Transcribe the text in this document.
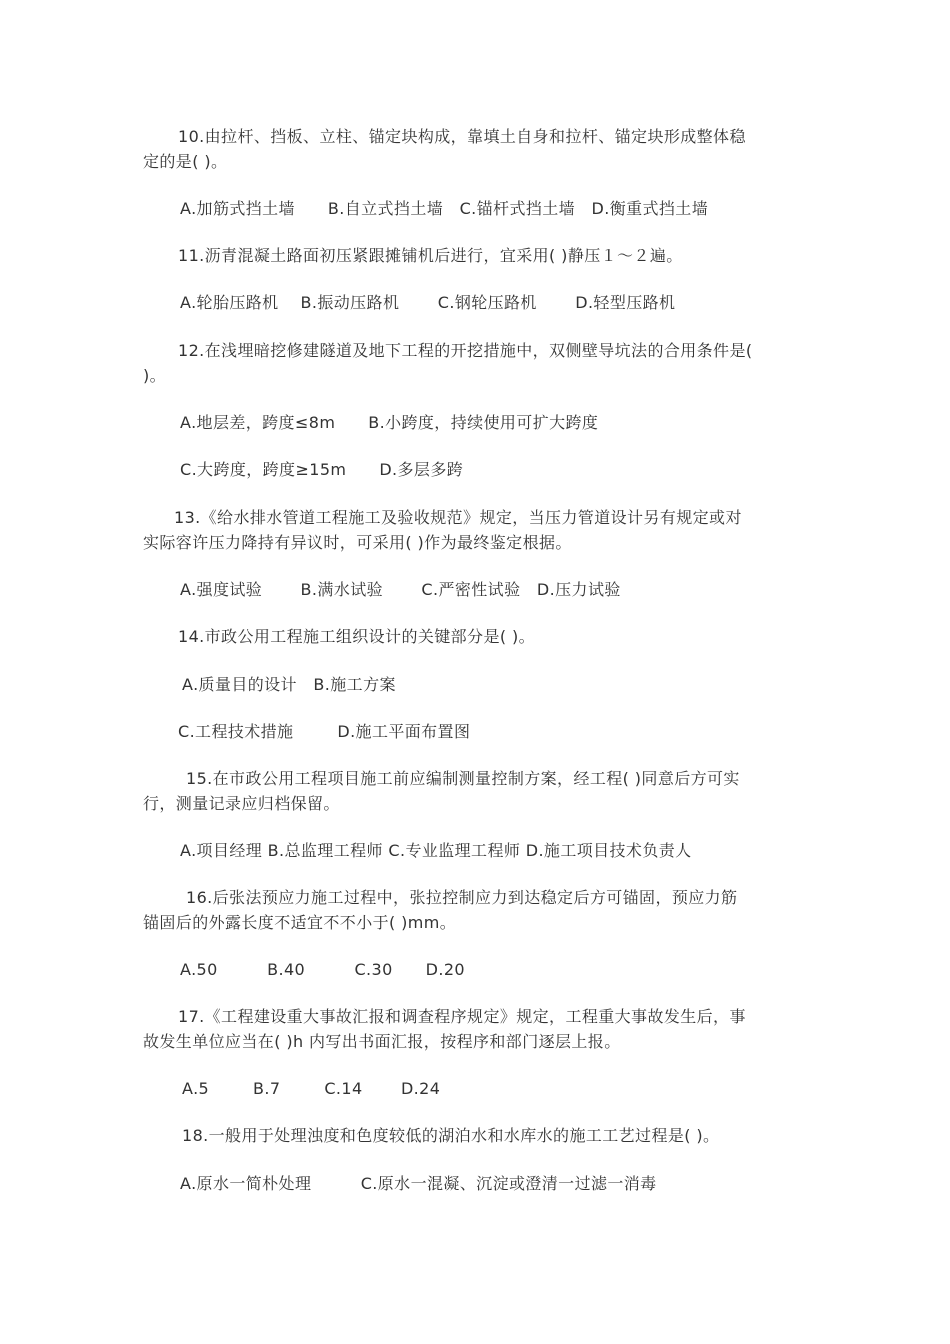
10.由拉杆、挡板、立柱、锚定块构成，靠填土自身和拉杆、锚定块形成整体稳
定的是( )。
A.加筋式挡土墙      B.自立式挡土墙   C.锚杆式挡土墙   D.衡重式挡土墙
11.沥青混凝土路面初压紧跟摊铺机后进行，宜采用( )静压１～２遍。
A.轮胎压路机    B.振动压路机       C.钢轮压路机       D.轻型压路机
12.在浅埋暗挖修建隧道及地下工程的开挖措施中，双侧壁导坑法的合用条件是(
)。
A.地层差，跨度≤8m      B.小跨度，持续使用可扩大跨度
C.大跨度，跨度≥15m      D.多层多跨
13.《给水排水管道工程施工及验收规范》规定，当压力管道设计另有规定或对
实际容许压力降持有异议时，可采用( )作为最终鉴定根据。
A.强度试验       B.满水试验       C.严密性试验   D.压力试验
14.市政公用工程施工组织设计的关键部分是( )。
A.质量目的设计   B.施工方案
C.工程技术措施        D.施工平面布置图
15.在市政公用工程项目施工前应编制测量控制方案，经工程( )同意后方可实
行，测量记录应归档保留。
A.项目经理 B.总监理工程师 C.专业监理工程师 D.施工项目技术负责人
16.后张法预应力施工过程中，张拉控制应力到达稳定后方可锚固，预应力筋
锚固后的外露长度不适宜不不小于( )mm。
A.50         B.40         C.30      D.20
17.《工程建设重大事故汇报和调查程序规定》规定，工程重大事故发生后，事
故发生单位应当在( )h 内写出书面汇报，按程序和部门逐层上报。
A.5        B.7        C.14       D.24
18.一般用于处理浊度和色度较低的湖泊水和水库水的施工工艺过程是( )。
A.原水一简朴处理         C.原水一混凝、沉淀或澄清一过滤一消毒
